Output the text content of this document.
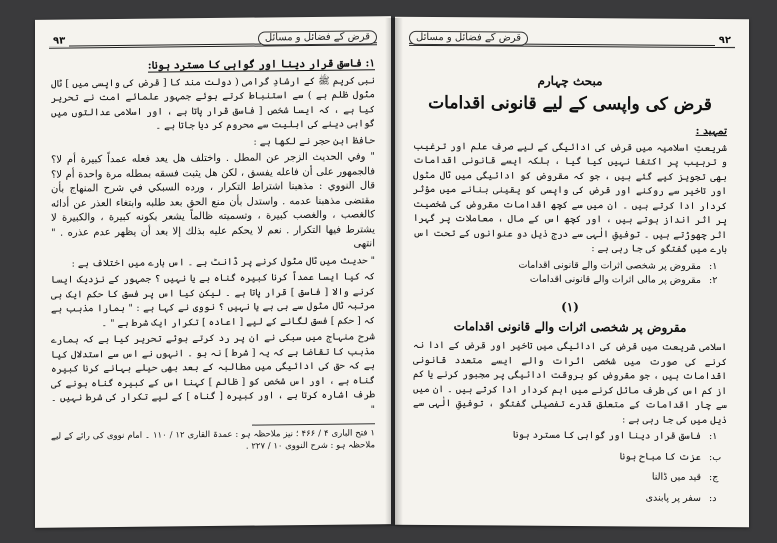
قرض کے فضائل و مسائل
۹۳

۱: فاسق قرار دینا اور گواہی کا مسترد ہونا:

نبی کریم ﷺ کے ارشادِ گرامی ( دولت مند کا [ قرض کی واپسی میں ] ٹال مٹول ظلم ہے ) سے استنباط کرتے ہوئے جمہور علمائے امت نے تحریر کیا ہے ، کہ ایسا شخص [ فاسق قرار پاتا ہے ، اور اسلامی عدالتوں میں گواہی دینے کی اہلیت سے محروم کر دیا جاتا ہے ۔

حافظ ابن حجر نے لکھا ہے :

" وفي الحديث الزجر عن المطل . واختلف هل يعد فعله عمداً كبيرة أم لا؟ فالجمهور على أن فاعله يفسق ، لكن هل يثبت فسقه بمطله مرة واحدة أم لا؟ قال النووي : مذهبنا اشتراط التكرار ، ورده السبكي في شرح المنهاج بأن مقتضى مذهبنا عدمه . واستدل بأن منع الحق بعد طلبه وابتغاء العذر عن أدائه كالغصب ، والغصب كبيرة ، وتسميته ظالماً يشعر بكونه كبيرة ، والكبيرة لا يشترط فيها التكرار . نعم لا يحكم عليه بذلك إلا بعد أن يظهر عدم عذره . " انتهى

" حدیث میں ٹال مٹول کرنے پر ڈانٹ ہے ۔ اس بارے میں اختلاف ہے :

کہ کیا ایسا عمداً کرنا کبیرہ گناہ ہے یا نہیں ؟ جمہور کے نزدیک ایسا کرنے والا [ فاسق ] قرار پاتا ہے ۔ لیکن کیا اس پر فسق کا حکم ایک ہی مرتبہ ٹال مٹول سے ہی ہے یا نہیں ؟ نووی نے کہا ہے : " ہمارا مذہب ہے کہ [ حکم ] فسق لگانے کے لیے [ اعادہ ] تکرار ایک شرط ہے " ۔

شرح منہاج میں سبکی نے ان پر رد کرتے ہوئے تحریر کیا ہے کہ ہمارے مذہب کا تقاضا ہے کہ یہ [ شرط ] نہ ہو ۔ انہوں نے اس سے استدلال کیا ہے کہ حق کی ادائیگی میں مطالبہ کے بعد بھی حیلے بہانے کرنا کبیرہ گناہ ہے ، اور اس شخص کو [ ظالم ] کہنا اس کے کبیرہ گناہ ہونے کی طرف اشارہ کرتا ہے ، اور کبیرہ [ گناہ ] کے لیے تکرار کی شرط نہیں ۔ "

۱ فتح الباری ۴ / ۴۶۶ ؛ نیز ملاحظہ ہو : عمدۃ القاری ۱۲ / ۱۱۰ ۔ امام نووی کی رائے کے لیے ملاحظہ ہو : شرح النووی ۱۰ / ۲۲۷ .

۹۲
قرض کے فضائل و مسائل
مبحث چہارم
قرض کی واپسی کے لیے قانونی اقدامات

تمہید :

شریعتِ اسلامیہ میں قرض کی ادائیگی کے لیے صرف علم اور ترغیب و ترہیب پر اکتفا نہیں کیا گیا ، بلکہ ایسے قانونی اقدامات بھی تجویز کیے گئے ہیں ، جو کہ مقروض کو ادائیگی میں ٹال مٹول اور تاخیر سے روکنے اور قرض کی واپسی کو یقینی بنانے میں مؤثر کردار ادا کرتے ہیں ۔ ان میں سے کچھ اقدامات مقروض کی شخصیت پر اثر انداز ہوتے ہیں ، اور کچھ اس کے مال ، معاملات پر گہرا اثر چھوڑتے ہیں ۔ توفیقِ الٰہی سے درج ذیل دو عنوانوں کے تحت اس بارے میں گفتگو کی جا رہی ہے :

۱:
مقروض پر شخصی اثرات والے قانونی اقدامات
۲:
مقروض پر مالی اثرات والے قانونی اقدامات
(۱)
مقروض پر شخصی اثرات والے قانونی اقدامات

اسلامی شریعت میں قرض کی ادائیگی میں تاخیر اور قرض کے ادا نہ کرنے کی صورت میں شخصی اثرات والے ایسے متعدد قانونی اقدامات ہیں ، جو مقروض کو بروقت ادائیگی پر مجبور کرنے یا کم از کم اس کی طرف مائل کرنے میں اہم کردار ادا کرتے ہیں ۔ ان میں سے چار اقدامات کے متعلق قدرے تفصیلی گفتگو ، توفیقِ الٰہی سے ذیل میں کی جا رہی ہے :

۱:
فاسق قرار دینا اور گواہی کا مسترد ہونا
ب:
عزت کا مباح ہونا
ج:
قید میں ڈالنا
د:
سفر پر پابندی
